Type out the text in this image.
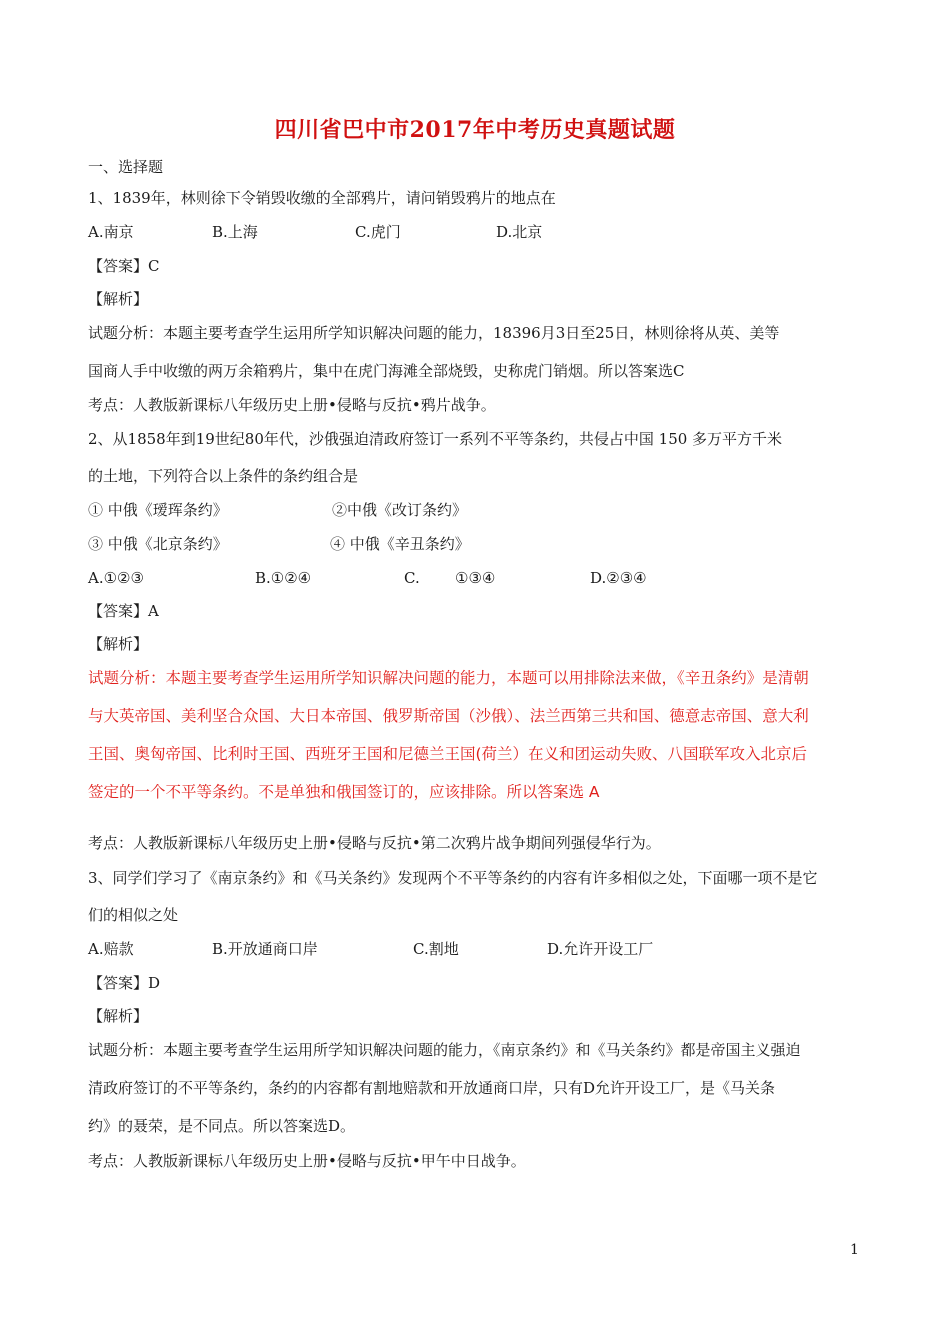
四川省巴中市2017年中考历史真题试题
一、选择题
1、1839年，林则徐下令销毁收缴的全部鸦片，请问销毁鸦片的地点在
A.南京	B.上海	C.虎门	D.北京
【答案】C
【解析】
试题分析：本题主要考查学生运用所学知识解决问题的能力，18396月3日至25日，林则徐将从英、美等
国商人手中收缴的两万余箱鸦片，集中在虎门海滩全部烧毁，史称虎门销烟。所以答案选C
考点：人教版新课标八年级历史上册•侵略与反抗•鸦片战争。
2、从1858年到19世纪80年代，沙俄强迫清政府签订一系列不平等条约，共侵占中国 150 多万平方千米
的土地，下列符合以上条件的条约组合是
① 中俄《瑷珲条约》	②中俄《改订条约》
③ 中俄《北京条约》	④ 中俄《辛丑条约》
A.①②③	B.①②④	C. ①③④	D.②③④
【答案】A
【解析】
试题分析：本题主要考查学生运用所学知识解决问题的能力，本题可以用排除法来做，《辛丑条约》是清朝
与大英帝国、美利坚合众国、大日本帝国、俄罗斯帝国（沙俄）、法兰西第三共和国、德意志帝国、意大利
王国、奥匈帝国、比利时王国、西班牙王国和尼德兰王国(荷兰）在义和团运动失败、八国联军攻入北京后
签定的一个不平等条约。不是单独和俄国签订的，应该排除。所以答案选 A
考点：人教版新课标八年级历史上册•侵略与反抗•第二次鸦片战争期间列强侵华行为。
3、同学们学习了《南京条约》和《马关条约》发现两个不平等条约的内容有许多相似之处，下面哪一项不是它
们的相似之处
A.赔款	B.开放通商口岸	C.割地	D.允许开设工厂
【答案】D
【解析】
试题分析：本题主要考查学生运用所学知识解决问题的能力，《南京条约》和《马关条约》都是帝国主义强迫
清政府签订的不平等条约，条约的内容都有割地赔款和开放通商口岸，只有D允许开设工厂，是《马关条
约》的聂荣，是不同点。所以答案选D。
考点：人教版新课标八年级历史上册•侵略与反抗•甲午中日战争。
1
